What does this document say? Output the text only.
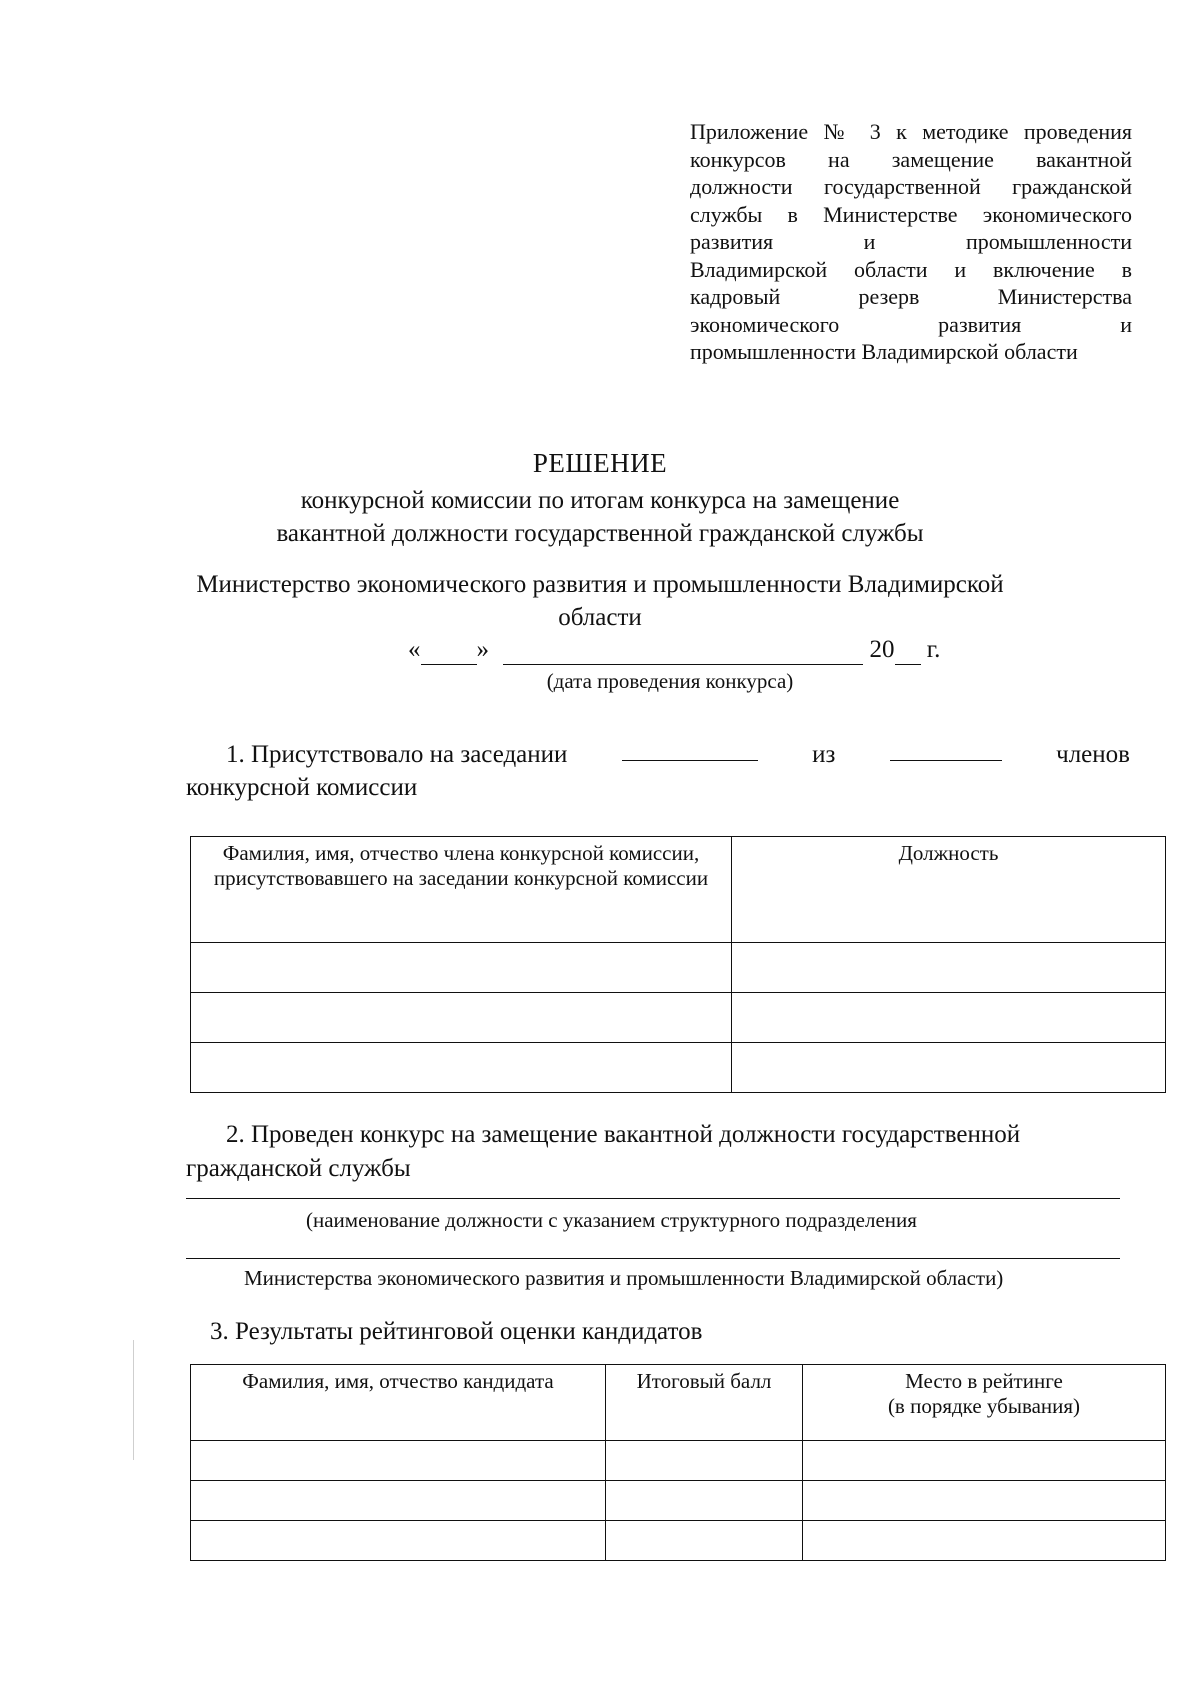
Приложение № 3 к методике проведения
конкурсов на замещение вакантной
должности государственной гражданской
службы в Министерстве экономического
развития и промышленности
Владимирской области и включение в
кадровый резерв Министерства
экономического развития и
промышленности Владимирской области
РЕШЕНИЕ
конкурсной комиссии по итогам конкурса на замещение
вакантной должности государственной гражданской службы
Министерство экономического развития и промышленности Владимирской
области
« »	20 г.
(дата проведения конкурса)
1. Присутствовало на заседании	из	членов
конкурсной комиссии
Фамилия, имя, отчество члена конкурсной комиссии, присутствовавшего на заседании конкурсной комиссии	Должность

2. Проведен конкурс на замещение вакантной должности государственной
гражданской службы
(наименование должности с указанием структурного подразделения
Министерства экономического развития и промышленности Владимирской области)
3. Результаты рейтинговой оценки кандидатов
Фамилия, имя, отчество кандидата	Итоговый балл	Место в рейтинге
(в порядке убывания)
